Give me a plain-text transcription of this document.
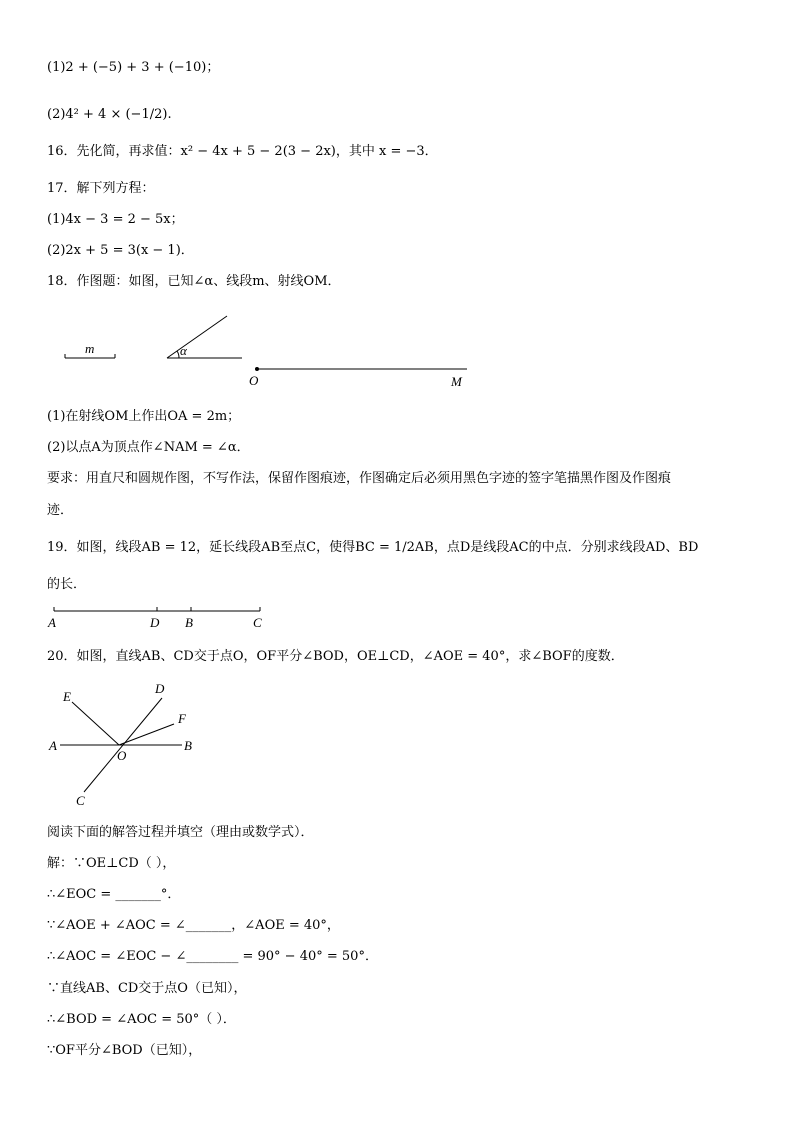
(1)2 + (−5) + 3 + (−10)；
(2)4² + 4 × (−1/2).
16．先化简，再求值：x² − 4x + 5 − 2(3 − 2x)，其中 x = −3．
17．解下列方程：
(1)4x − 3 = 2 − 5x；
(2)2x + 5 = 3(x − 1)．
18．作图题：如图，已知∠α、线段m、射线OM．
m	α
O	M
(1)在射线OM上作出OA = 2m；
(2)以点A为顶点作∠NAM = ∠α．
要求：用直尺和圆规作图，不写作法，保留作图痕迹，作图确定后必须用黑色字迹的签字笔描黑作图及作图痕
迹．
19．如图，线段AB = 12，延长线段AB至点C，使得BC = 1/2AB，点D是线段AC的中点．分别求线段AD、BD
的长．
A	D B	C
20．如图，直线AB、CD交于点O，OF平分∠BOD，OE⊥CD，∠AOE = 40°，求∠BOF的度数．
E
D
F
A
O
B
C
阅读下面的解答过程并填空（理由或数学式）．
解：∵OE⊥CD（ ），
∴∠EOC = _______°．
∵∠AOE + ∠AOC = ∠_______，∠AOE = 40°，
∴∠AOC = ∠EOC − ∠________ = 90° − 40° = 50°．
∵直线AB、CD交于点O（已知），
∴∠BOD = ∠AOC = 50°（ ）．
∵OF平分∠BOD（已知），
